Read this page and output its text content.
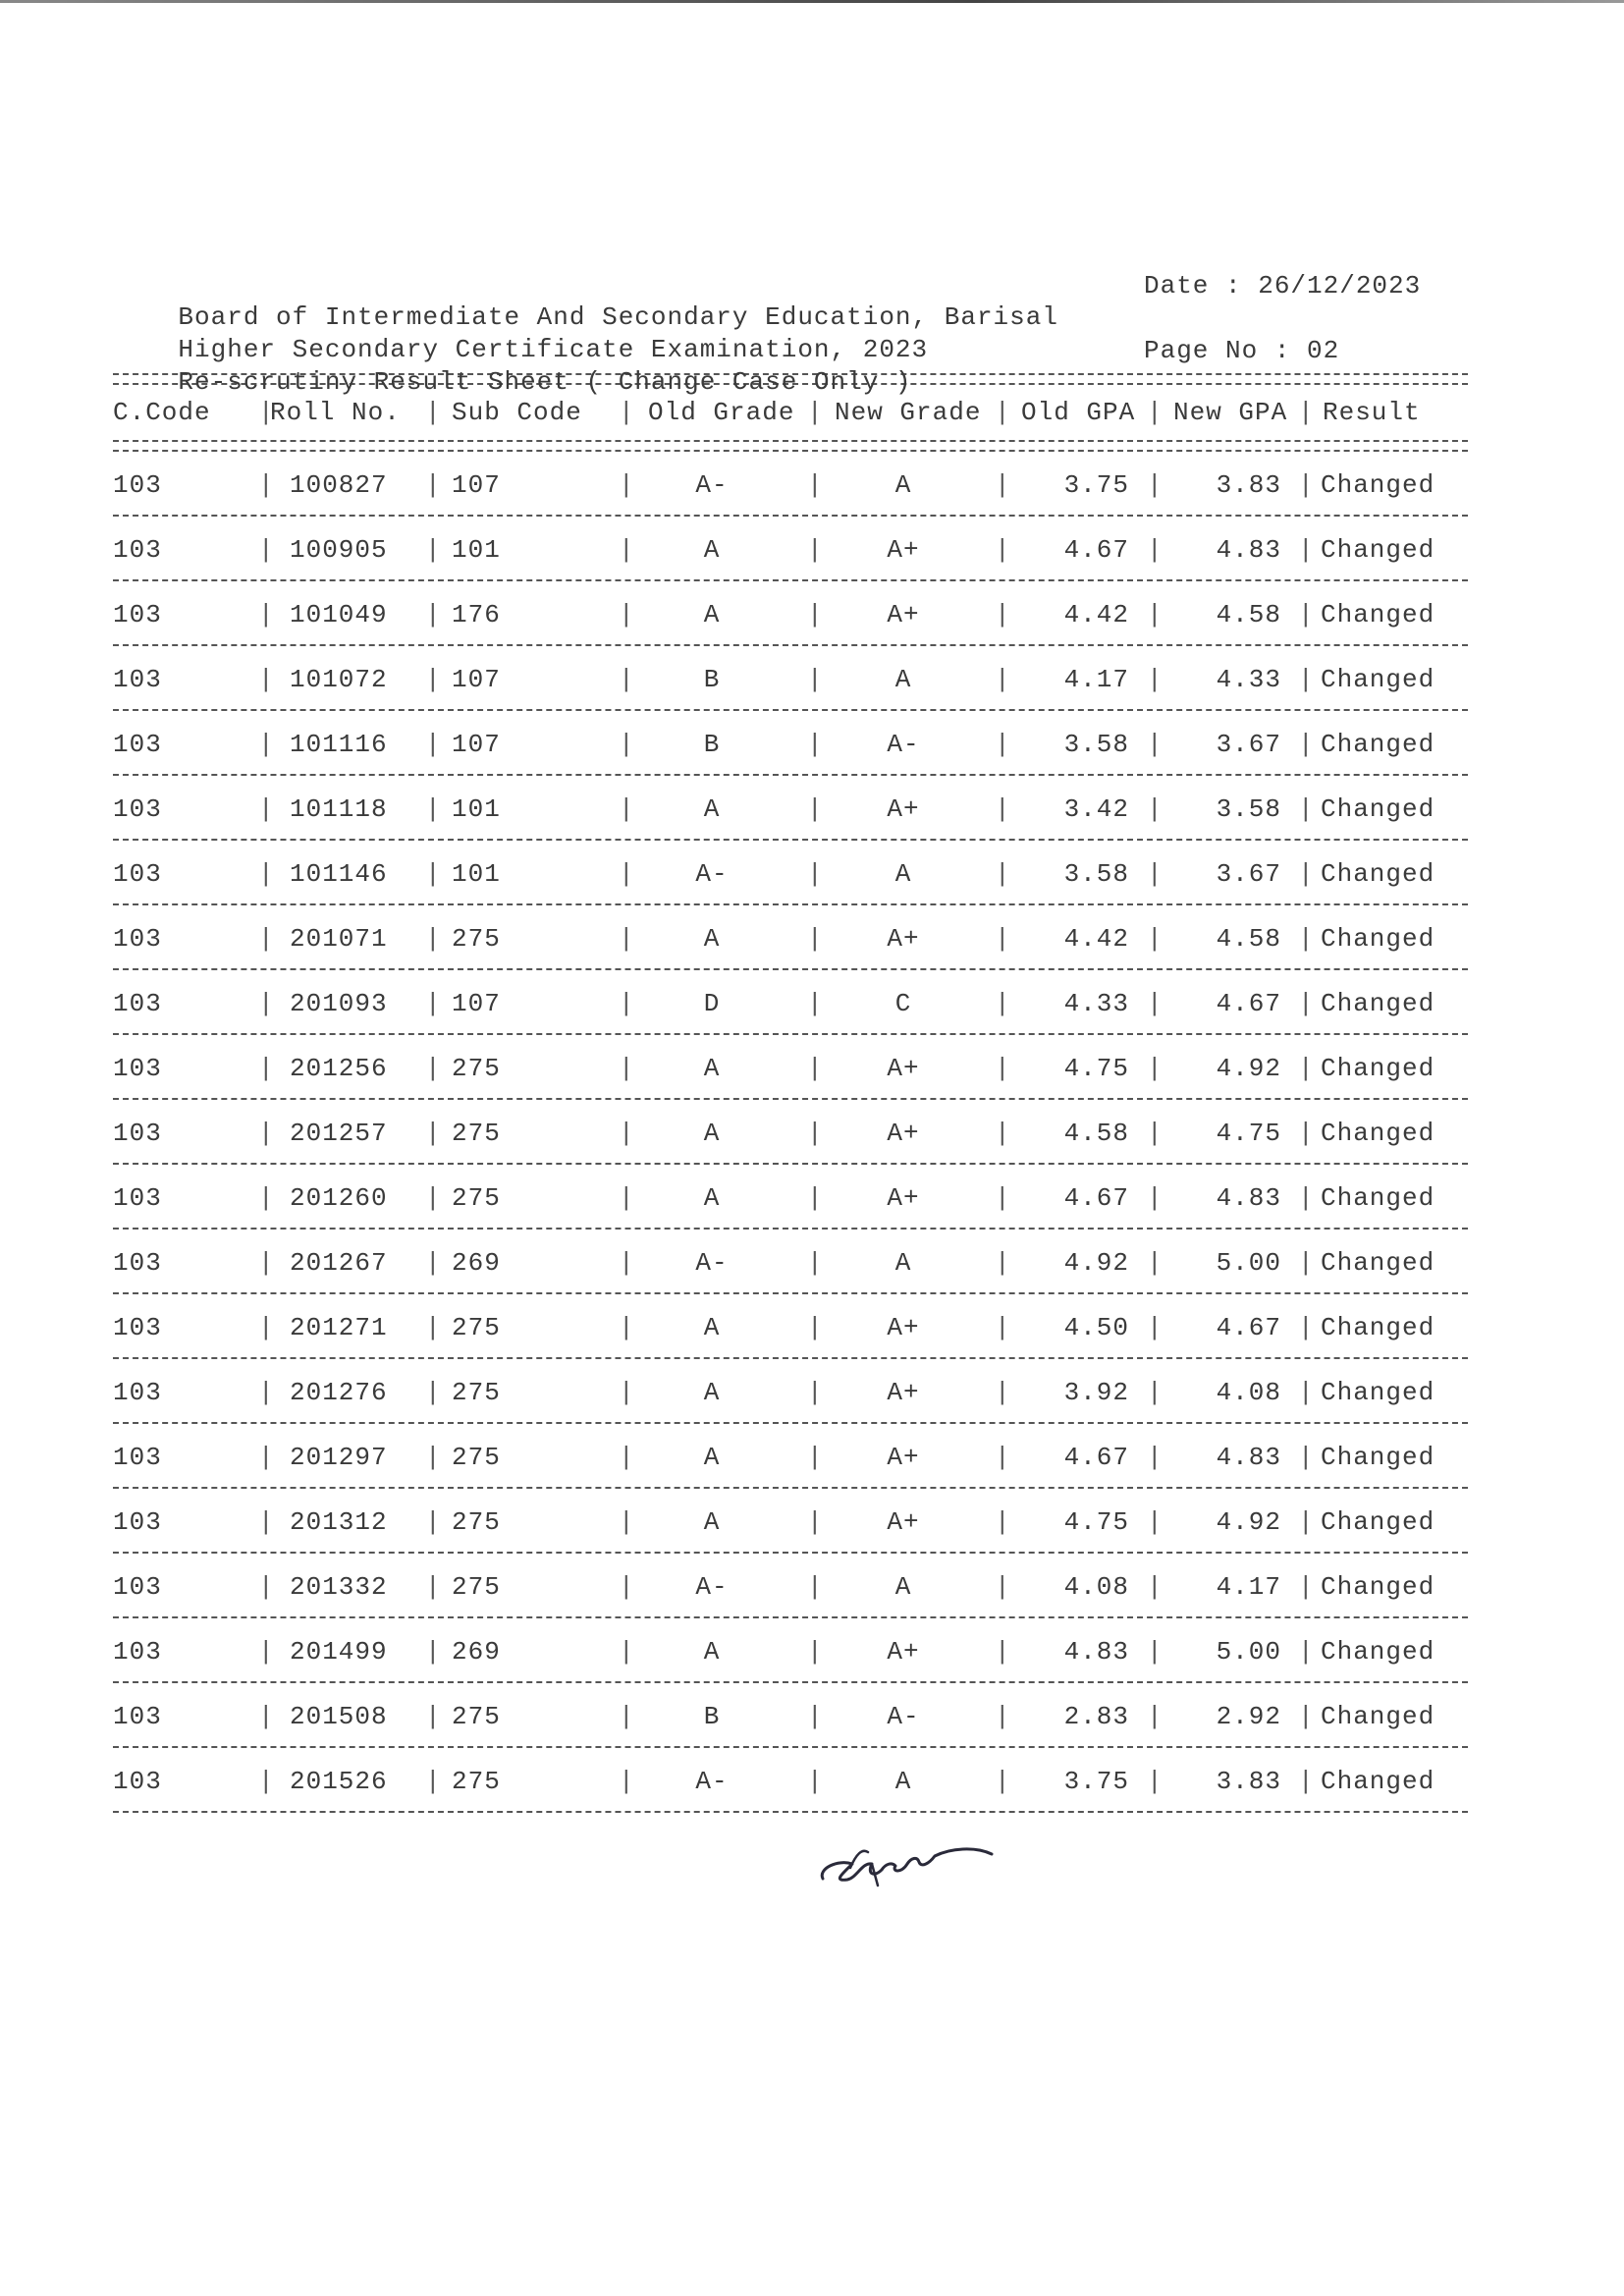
Board of Intermediate And Secondary Education, Barisal

Date : 26/12/2023

Higher Secondary Certificate Examination, 2023

Re-scrutiny Result Sheet ( Change Case Only )

Page No : 02

C.Code |
Roll No. | Sub Code | Old Grade | New Grade | Old GPA | New GPA | Result
103	100827	107	A-	A	3.75	3.83 Changed
|	|	|	|	|	|	|
103	100905	101	A	A+	4.67	4.83 Changed
|	|	|	|	|	|	|
103	101049	176	A	A+	4.42	4.58 Changed
|	|	|	|	|	|	|
103	101072	107	B	A	4.17	4.33 Changed
|	|	|	|	|	|	|
103	101116	107	B	A-	3.58	3.67 Changed
|	|	|	|	|	|	|
103	101118	101	A	A+	3.42	3.58 Changed
|	|	|	|	|	|	|
103	101146	101	A-	A	3.58	3.67 Changed
|	|	|	|	|	|	|
103	201071	275	A	A+	4.42	4.58 Changed
|	|	|	|	|	|	|
103	201093	107	D	C	4.33	4.67 Changed
|	|	|	|	|	|	|
103	201256	275	A	A+	4.75	4.92 Changed
|	|	|	|	|	|	|
103	201257	275	A	A+	4.58	4.75 Changed
|	|	|	|	|	|	|
103	201260	275	A	A+	4.67	4.83 Changed
|	|	|	|	|	|	|
103	201267	269	A-	A	4.92	5.00 Changed
|	|	|	|	|	|	|
103	201271	275	A	A+	4.50	4.67 Changed
|	|	|	|	|	|	|
103	201276	275	A	A+	3.92	4.08 Changed
|	|	|	|	|	|	|
103	201297	275	A	A+	4.67	4.83 Changed
|	|	|	|	|	|	|
103	201312	275	A	A+	4.75	4.92 Changed
|	|	|	|	|	|	|
103	201332	275	A-	A	4.08	4.17 Changed
|	|	|	|	|	|	|
103	201499	269	A	A+	4.83	5.00 Changed
|	|	|	|	|	|	|
103	201508	275	B	A-	2.83	2.92 Changed
|	|	|	|	|	|	|
103	201526	275	A-	A	3.75	3.83 Changed
|	|	|	|	|	|	|
